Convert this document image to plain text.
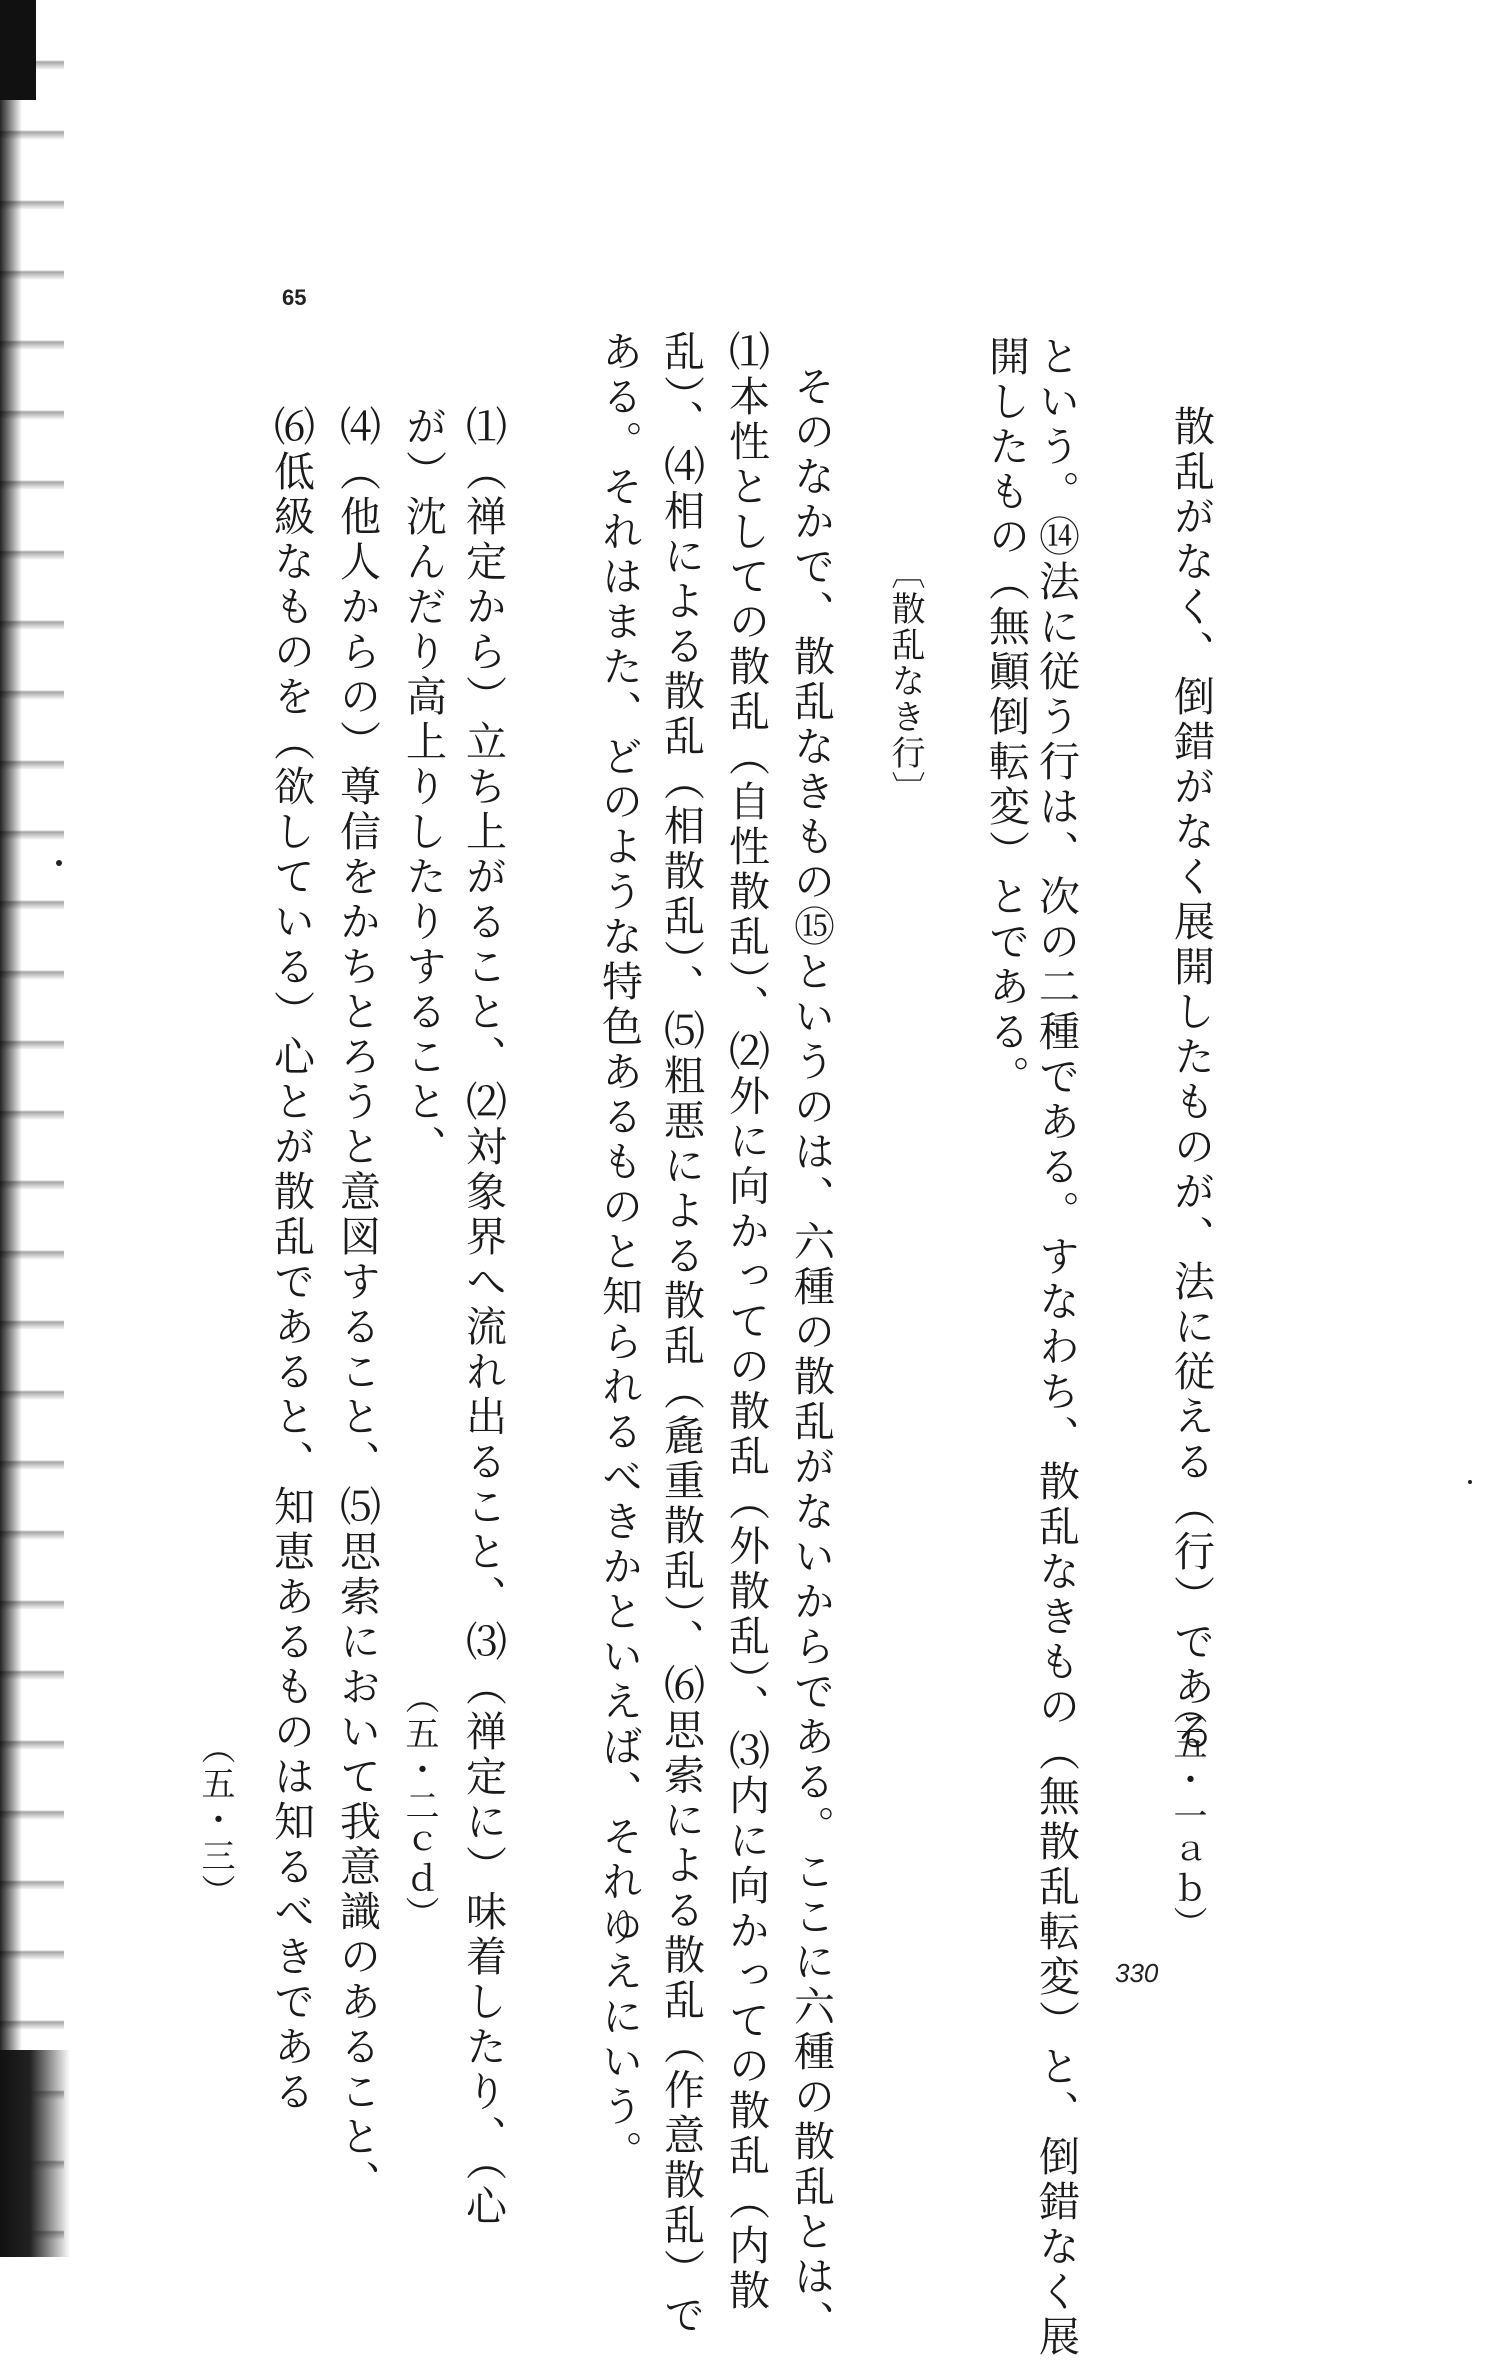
65
330
散乱がなく、倒錯がなく展開したものが、法に従える（行）である
（五・一ａｂ）
という。⑭法に従う行は、次の二種である。すなわち、散乱なきもの（無散乱転変）と、倒錯なく展
開したもの（無顚倒転変）とである。
〔散乱なき行〕
そのなかで、散乱なきもの⑮というのは、六種の散乱がないからである。ここに六種の散乱とは、
⑴本性としての散乱（自性散乱）、⑵外に向かっての散乱（外散乱）、⑶内に向かっての散乱（内散
乱）、⑷相による散乱（相散乱）、⑸粗悪による散乱（麁重散乱）、⑹思索による散乱（作意散乱）で
ある。それはまた、どのような特色あるものと知られるべきかといえば、それゆえにいう。
⑴（禅定から）立ち上がること、⑵対象界へ流れ出ること、⑶（禅定に）味着したり、（心
が）沈んだり高上りしたりすること、
（五・二ｃｄ）
⑷（他人からの）尊信をかちとろうと意図すること、⑸思索において我意識のあること、
⑹低級なものを（欲している）心とが散乱であると、知恵あるものは知るべきである
（五・三）
